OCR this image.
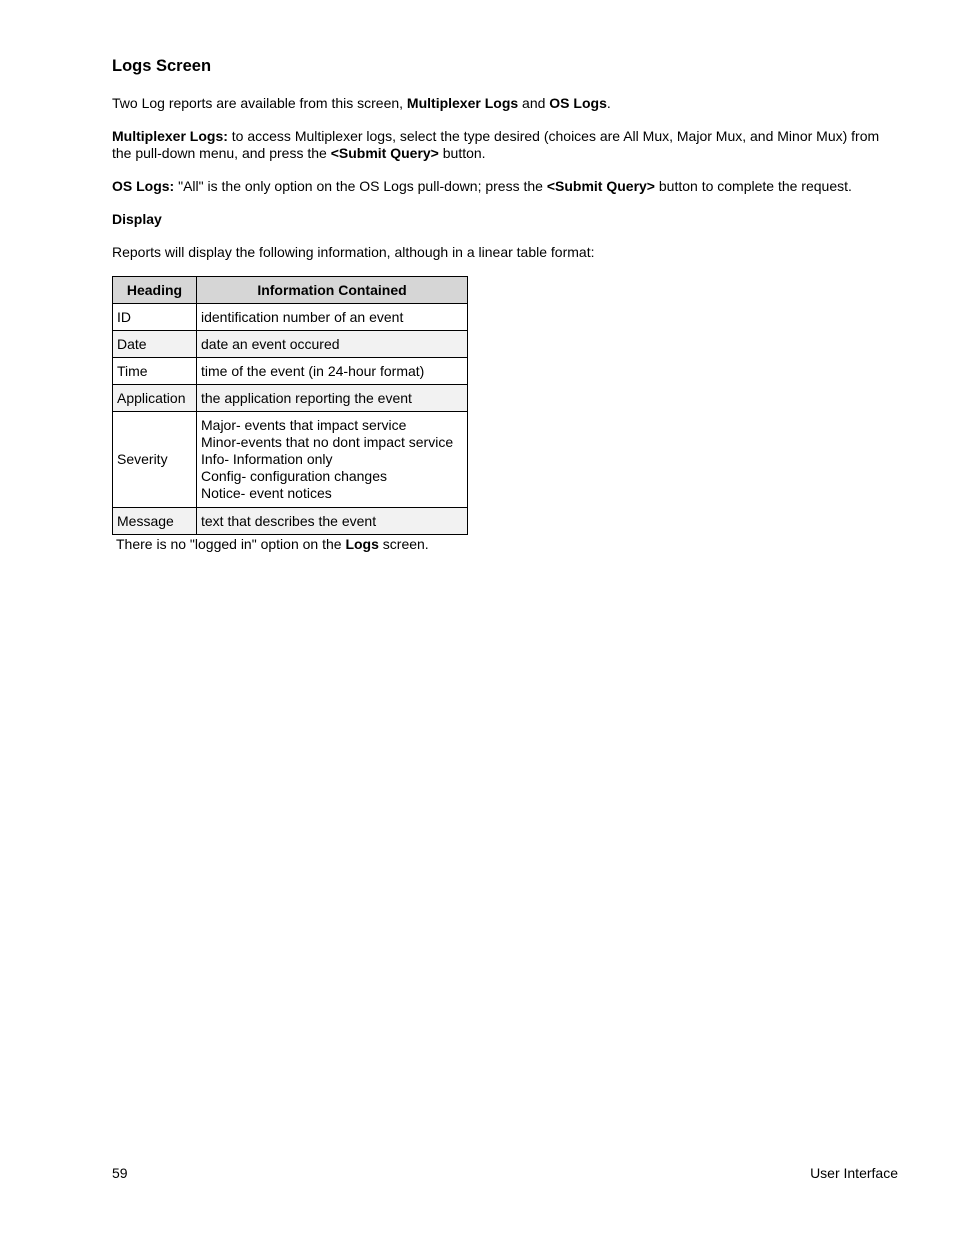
Logs Screen

Two Log reports are available from this screen, Multiplexer Logs and OS Logs.

Multiplexer Logs: to access Multiplexer logs, select the type desired (choices are All Mux, Major Mux, and Minor Mux) from the pull-down menu, and press the <Submit Query> button.

OS Logs: "All" is the only option on the OS Logs pull-down; press the <Submit Query> button to complete the request.

Display

Reports will display the following information, although in a linear table format:

Heading	Information Contained
ID	identification number of an event
Date	date an event occured
Time	time of the event (in 24-hour format)
Application	the application reporting the event
Severity	Major- events that impact service
Minor-events that no dont impact service
Info- Information only
Config- configuration changes
Notice- event notices

Message	text that describes the event
There is no "logged in" option on the Logs screen.
59	User Interface
